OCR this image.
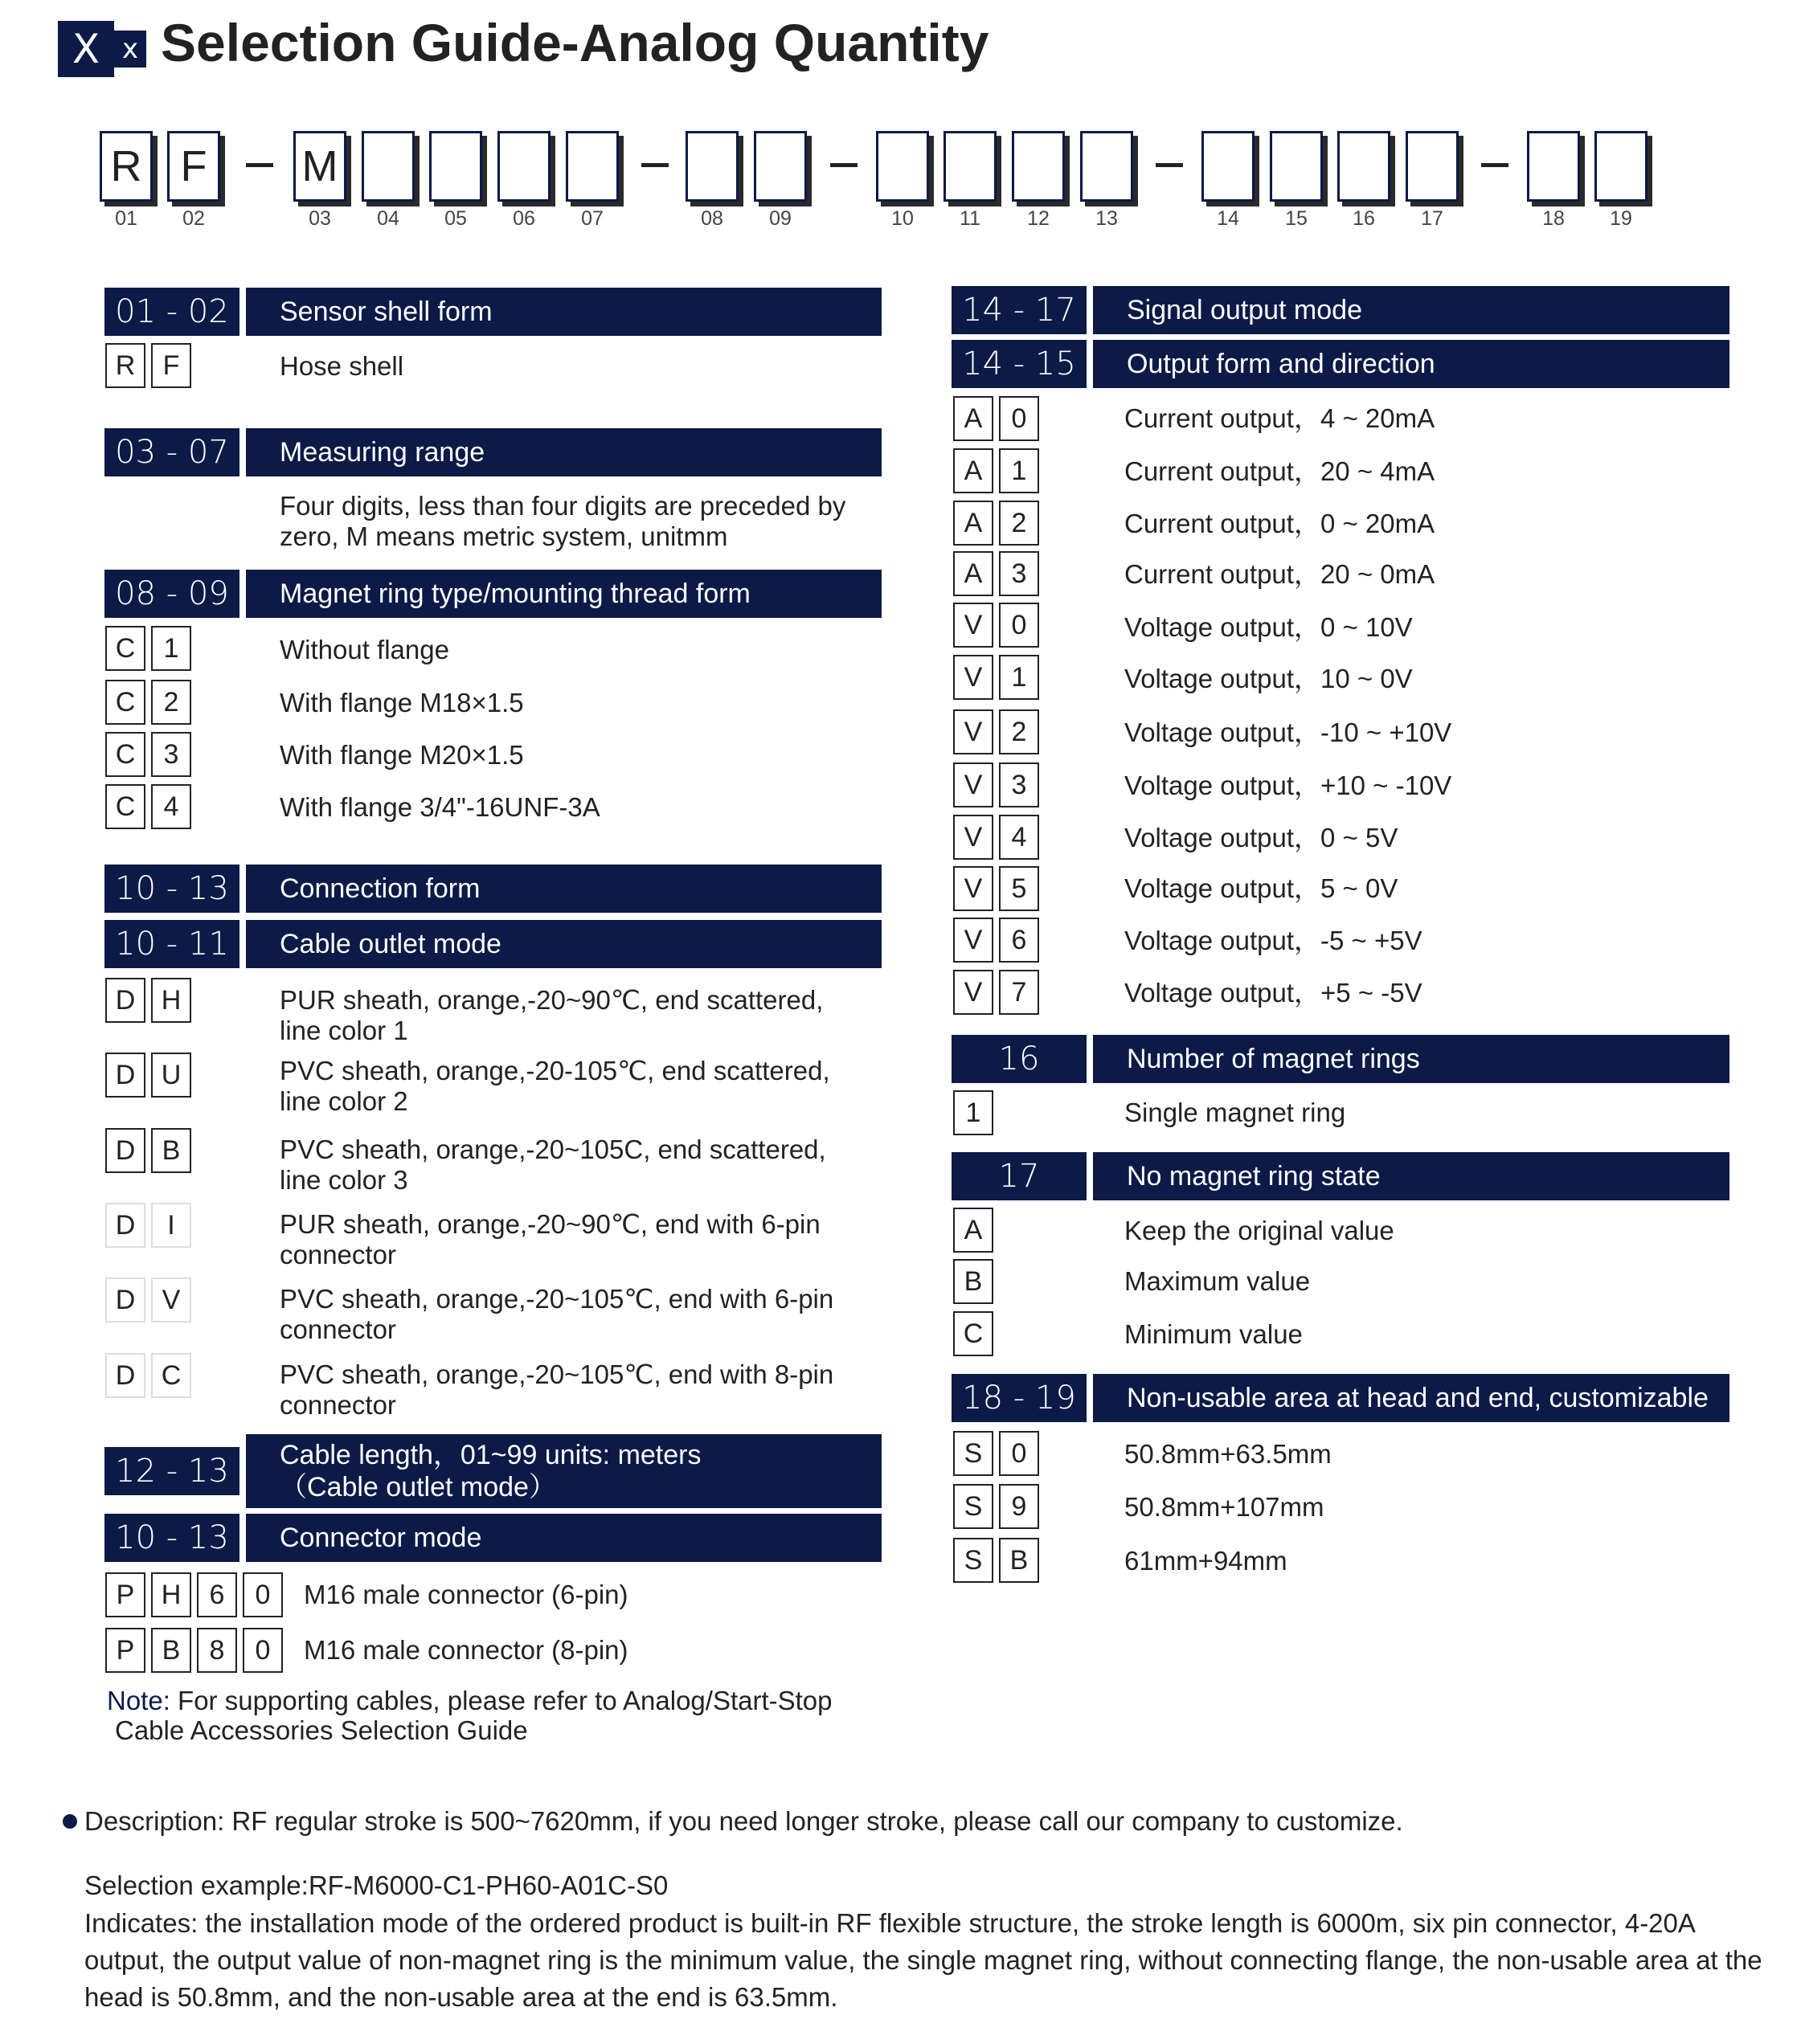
X x Selection Guide-Analog Quantity
R F	M
01	02	03	04	05	06	07	08	09	10	11	12	13	14	15	16	17	18	19
01 - 02	Sensor shell form
R	F	Hose shell
03 - 07	Measuring range
Four digits, less than four digits are preceded by
zero, M means metric system, unitmm
08 - 09	Magnet ring type/mounting thread form
C	1	Without flange
C	2	With flange M18×1.5
C	3	With flange M20×1.5
C	4	With flange 3/4"-16UNF-3A
10 - 13	Connection form
10 - 11	Cable outlet mode
D H	PUR sheath, orange,-20~90℃, end scattered,
line color 1
D U	PVC sheath, orange,-20-105℃, end scattered,
line color 2
D B	PVC sheath, orange,-20~105C, end scattered,
line color 3
D	I	PUR sheath, orange,-20~90℃, end with 6-pin
connector
D V	PVC sheath, orange,-20~105℃, end with 6-pin
connector
D C	PVC sheath, orange,-20~105℃, end with 8-pin
connector
12 - 13	Cable length，01~99 units: meters
（Cable outlet mode）
10 - 13	Connector mode
P H	6	0	M16 male connector (6-pin)
P	B	8	0	M16 male connector (8-pin)
Note: For supporting cables, please refer to Analog/Start-Stop
Cable Accessories Selection Guide
14 - 17	Signal output mode
14 - 15	Output form and direction
A	0	Current output，4 ~ 20mA
A	1	Current output，20 ~ 4mA
A	2	Current output，0 ~ 20mA
A	3	Current output，20 ~ 0mA
V	0	Voltage output，0 ~ 10V
V	1	Voltage output，10 ~ 0V
V	2	Voltage output，-10 ~ +10V
V	3	Voltage output，+10 ~ -10V
V	4	Voltage output，0 ~ 5V
V	5	Voltage output，5 ~ 0V
V	6	Voltage output，-5 ~ +5V
V	7	Voltage output，+5 ~ -5V
16	Number of magnet rings
1	Single magnet ring
17	No magnet ring state
A	Keep the original value
B	Maximum value
C	Minimum value
18 - 19	Non-usable area at head and end, customizable
S	0	50.8mm+63.5mm
S	9	50.8mm+107mm
S	B	61mm+94mm
Description: RF regular stroke is 500~7620mm, if you need longer stroke, please call our company to customize.
Selection example:RF-M6000-C1-PH60-A01C-S0
Indicates: the installation mode of the ordered product is built-in RF flexible structure, the stroke length is 6000m, six pin connector, 4-20A
output, the output value of non-magnet ring is the minimum value, the single magnet ring, without connecting flange, the non-usable area at the
head is 50.8mm, and the non-usable area at the end is 63.5mm.
